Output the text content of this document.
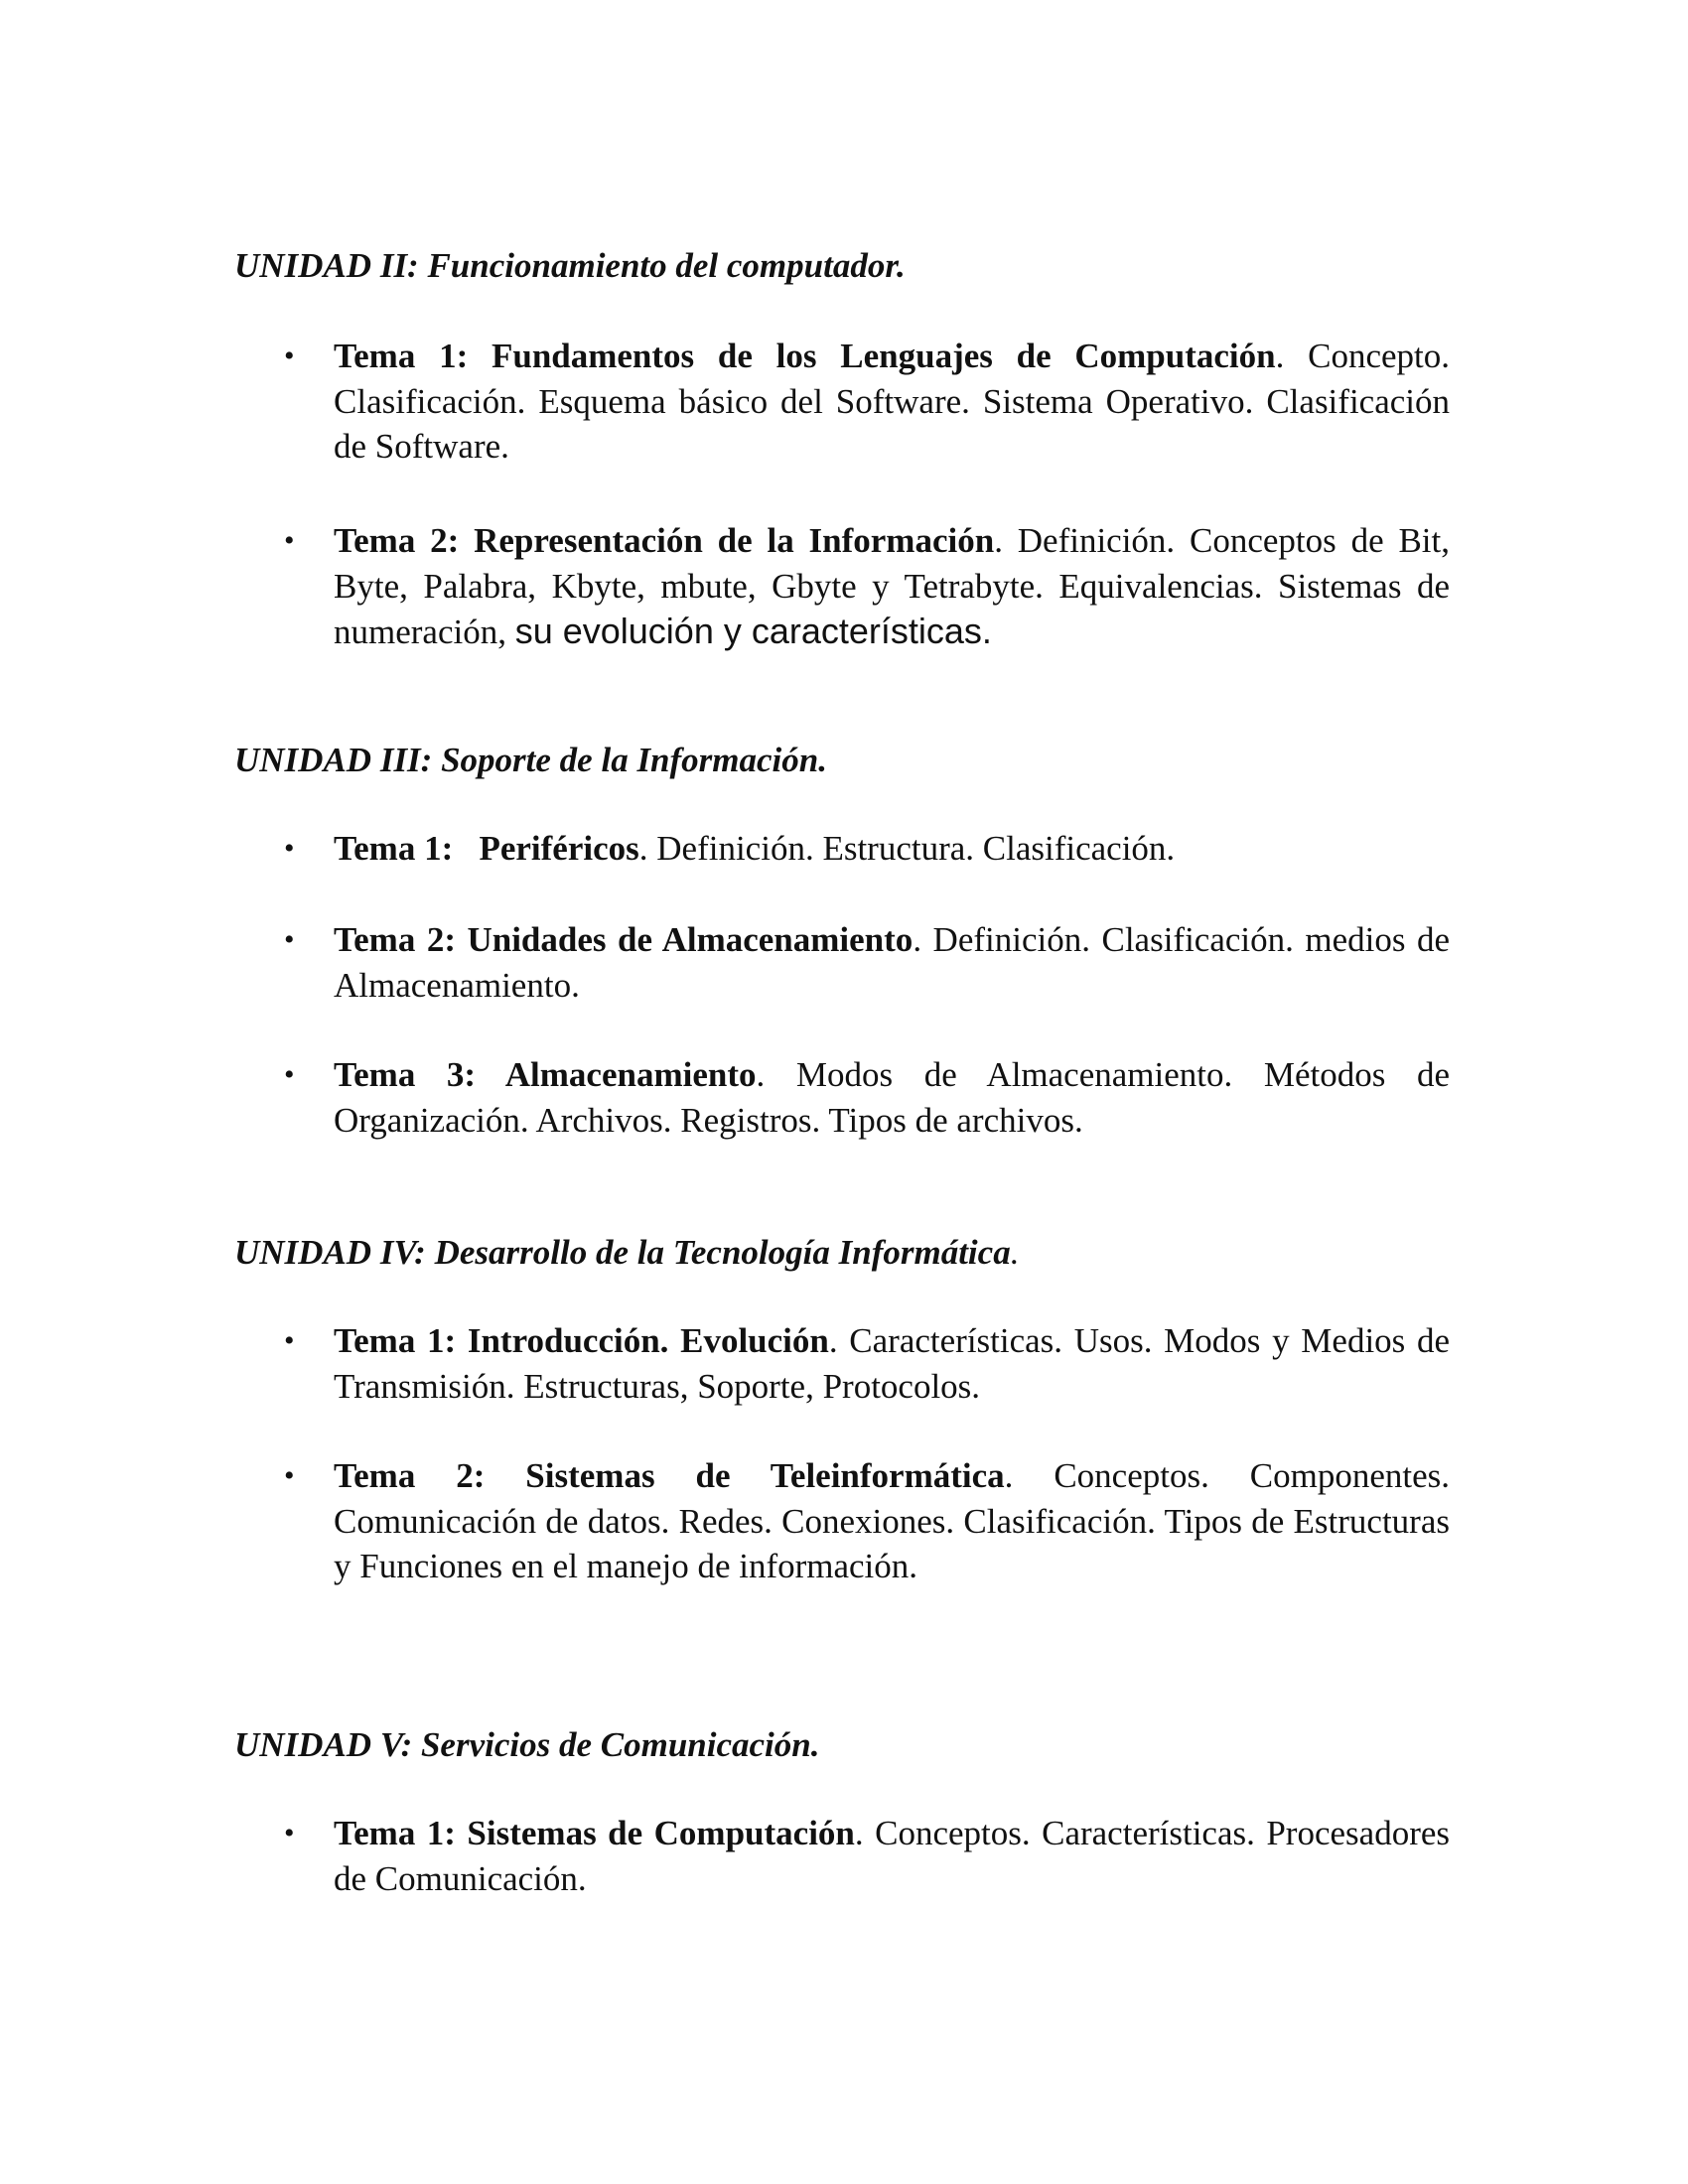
UNIDAD II: Funcionamiento del computador.

• Tema 1: Fundamentos de los Lenguajes de Computación. Concepto. Clasificación. Esquema básico del Software. Sistema Operativo. Clasificación de Software.

• Tema 2: Representación de la Información. Definición. Conceptos de Bit, Byte, Palabra, Kbyte, mbute, Gbyte y Tetrabyte. Equivalencias. Sistemas de numeración, su evolución y características.

UNIDAD III: Soporte de la Información.

• Tema 1:   Periféricos. Definición. Estructura. Clasificación.

• Tema 2: Unidades de Almacenamiento. Definición. Clasificación. medios de Almacenamiento.

• Tema 3: Almacenamiento. Modos de Almacenamiento. Métodos de Organización. Archivos. Registros. Tipos de archivos.

UNIDAD IV: Desarrollo de la Tecnología Informática.

• Tema 1: Introducción. Evolución. Características. Usos. Modos y Medios de Transmisión. Estructuras, Soporte, Protocolos.

• Tema 2: Sistemas de Teleinformática. Conceptos. Componentes. Comunicación de datos. Redes. Conexiones. Clasificación. Tipos de Estructuras y Funciones en el manejo de información.

UNIDAD V: Servicios de Comunicación.

• Tema 1: Sistemas de Computación. Conceptos. Características. Procesadores de Comunicación.
